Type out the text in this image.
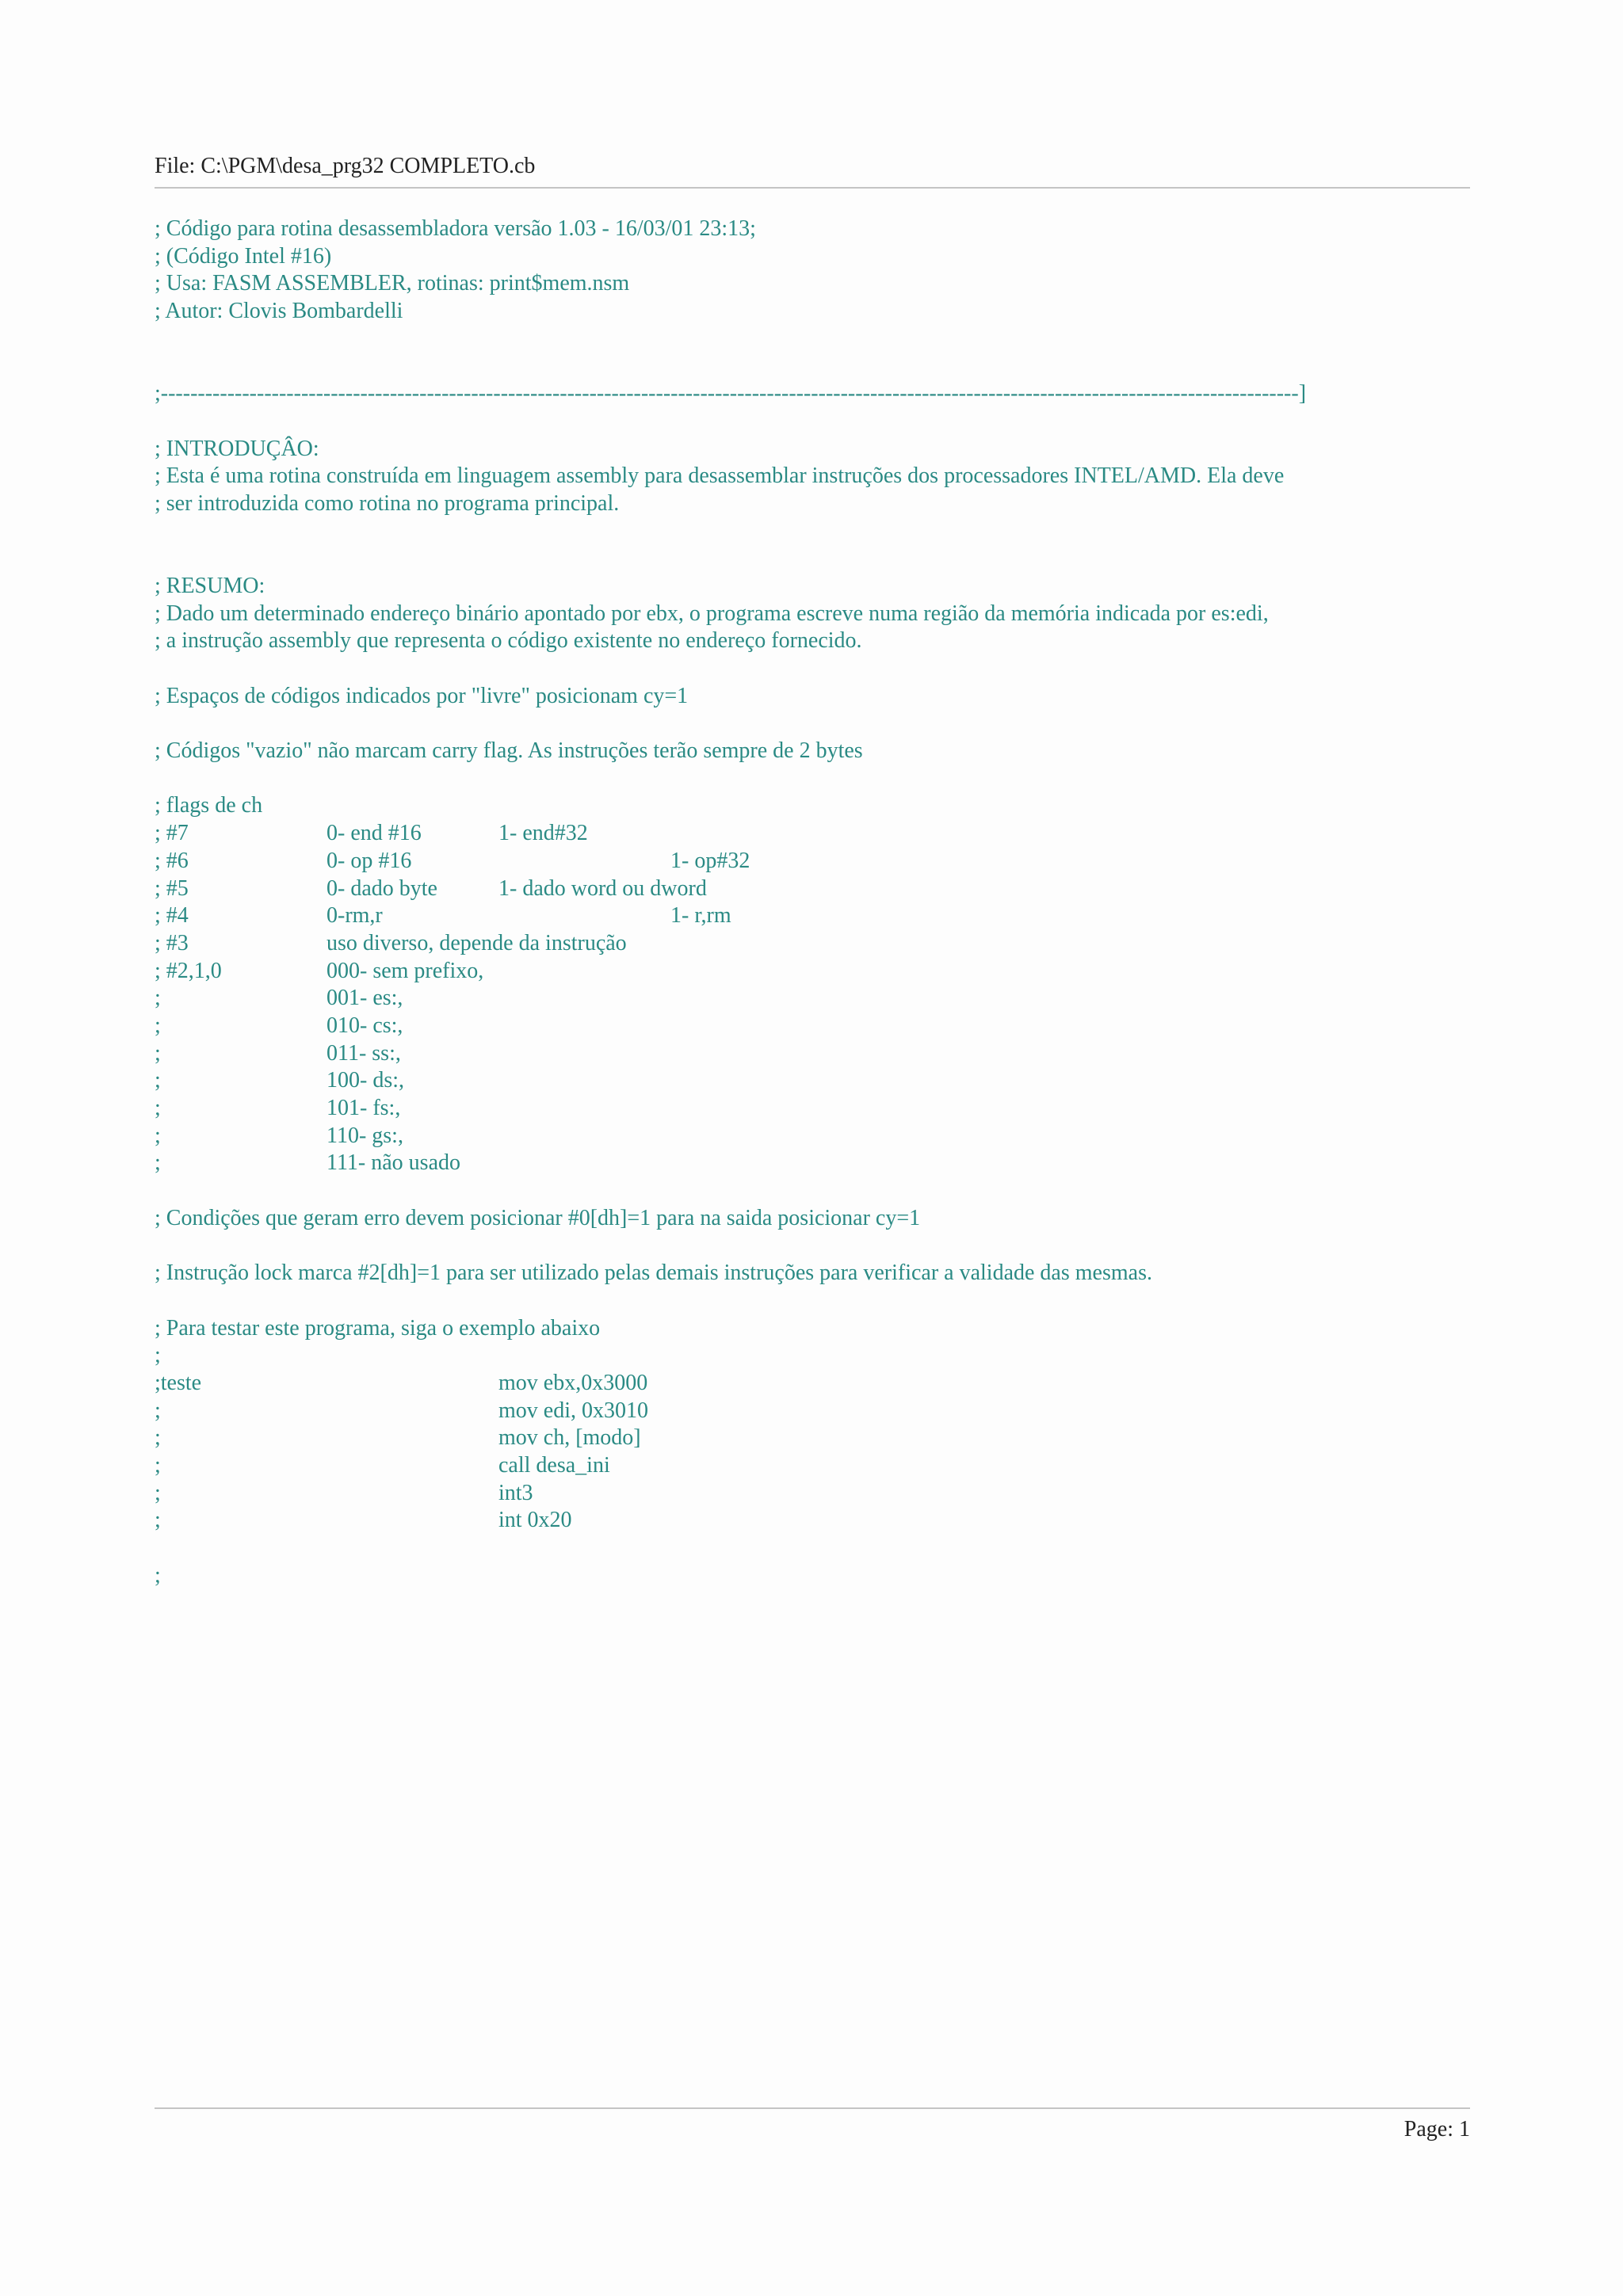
File: C:\PGM\desa_prg32 COMPLETO.cb
; Código para rotina desassembladora versão 1.03 - 16/03/01 23:13;
; (Código Intel #16)
; Usa: FASM ASSEMBLER, rotinas: print$mem.nsm
; Autor: Clovis Bombardelli
;----------------------------------------------------------------------------------------------------------------------------------------------------------]
; INTRODUÇÂO:
; Esta é uma rotina construída em linguagem assembly para desassemblar instruções dos processadores INTEL/AMD. Ela deve
; ser introduzida como rotina no programa principal.
; RESUMO:
; Dado um determinado endereço binário apontado por ebx, o programa escreve numa região da memória indicada por es:edi,
; a instrução assembly que representa o código existente no endereço fornecido.
; Espaços de códigos indicados por "livre" posicionam cy=1
; Códigos "vazio" não marcam carry flag. As instruções terão sempre de 2 bytes
; flags de ch
; #7	0- end #16	1- end#32
; #6	0- op #16	1- op#32
; #5	0- dado byte	1- dado word ou dword
; #4	0-rm,r	1- r,rm
; #3	uso diverso, depende da instrução
; #2,1,0	000- sem prefixo,
;	001- es:,
;	010- cs:,
;	011- ss:,
;	100- ds:,
;	101- fs:,
;	110- gs:,
;	111- não usado
; Condições que geram erro devem posicionar #0[dh]=1 para na saida posicionar cy=1
; Instrução lock marca #2[dh]=1 para ser utilizado pelas demais instruções para verificar a validade das mesmas.
; Para testar este programa, siga o exemplo abaixo
;
;teste	mov ebx,0x3000
;	mov edi, 0x3010
;	mov ch, [modo]
;	call desa_ini
;	int3
;	int 0x20
;
Page: 1
